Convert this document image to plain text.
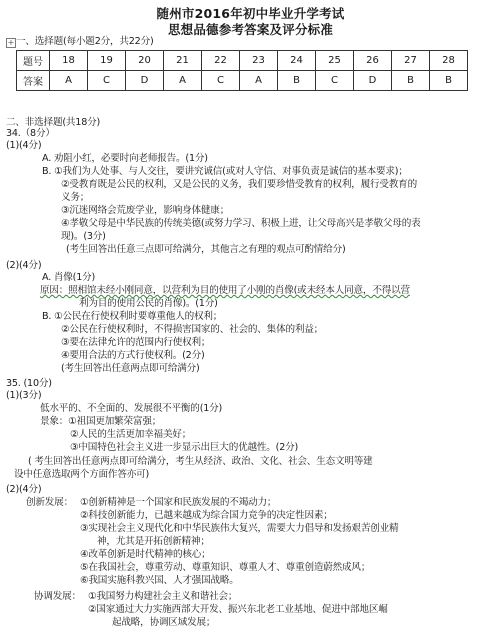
随州市2016年初中毕业升学考试
思想品德参考答案及评分标准
+ 一、选择题(每小题2分，共22分)
题号	18	19	20	21	22	23	24	25	26	27	28
答案	A	C	D	A	C	A	B	C	D	B	B
二、非选择题(共18分)
34.（8分）
(1)(4分)
A. 劝阻小红，必要时向老师报告。(1分)
B. ①我们为人处事、与人交往，要讲究诚信(或对人守信、对事负责是诚信的基本要求)；
②受教育既是公民的权利，又是公民的义务，我们要珍惜受教育的权利，履行受教育的
义务；
③沉迷网络会荒废学业，影响身体健康；
④孝敬父母是中华民族的传统美德(或努力学习、积极上进，让父母高兴是孝敬父母的表
现)。(3分)
(考生回答出任意三点即可给满分，其他言之有理的观点可酌情给分)
(2)(4分)
A. 肖像(1分)
原因：照相馆未经小刚同意，以营利为目的使用了小刚的肖像(或未经本人同意，不得以营
利为目的使用公民的肖像)。(1分)
B. ①公民在行使权利时要尊重他人的权利；
②公民在行使权利时，不得损害国家的、社会的、集体的利益；
③要在法律允许的范围内行使权利；
④要用合法的方式行使权利。(2分)
(考生回答出任意两点即可给满分)
35. (10分)
(1)(3分)
低水平的、不全面的、发展很不平衡的(1分)
景象：①祖国更加繁荣富强；
②人民的生活更加幸福美好；
③中国特色社会主义进一步显示出巨大的优越性。(2分)
( 考生回答出任意两点即可给满分，考生从经济、政治、文化、社会、生态文明等建
设中任意选取两个方面作答亦可)
(2)(4分)
创新发展： ①创新精神是一个国家和民族发展的不竭动力；
②科技创新能力，已越来越成为综合国力竞争的决定性因素；
③实现社会主义现代化和中华民族伟大复兴，需要大力倡导和发扬艰苦创业精
神，尤其是开拓创新精神；
④改革创新是时代精神的核心；
⑤在我国社会，尊重劳动、尊重知识、尊重人才、尊重创造蔚然成风；
⑥我国实施科教兴国、人才强国战略。
协调发展： ①我国努力构建社会主义和谐社会；
②国家通过大力实施西部大开发、振兴东北老工业基地、促进中部地区崛
起战略，协调区域发展；
